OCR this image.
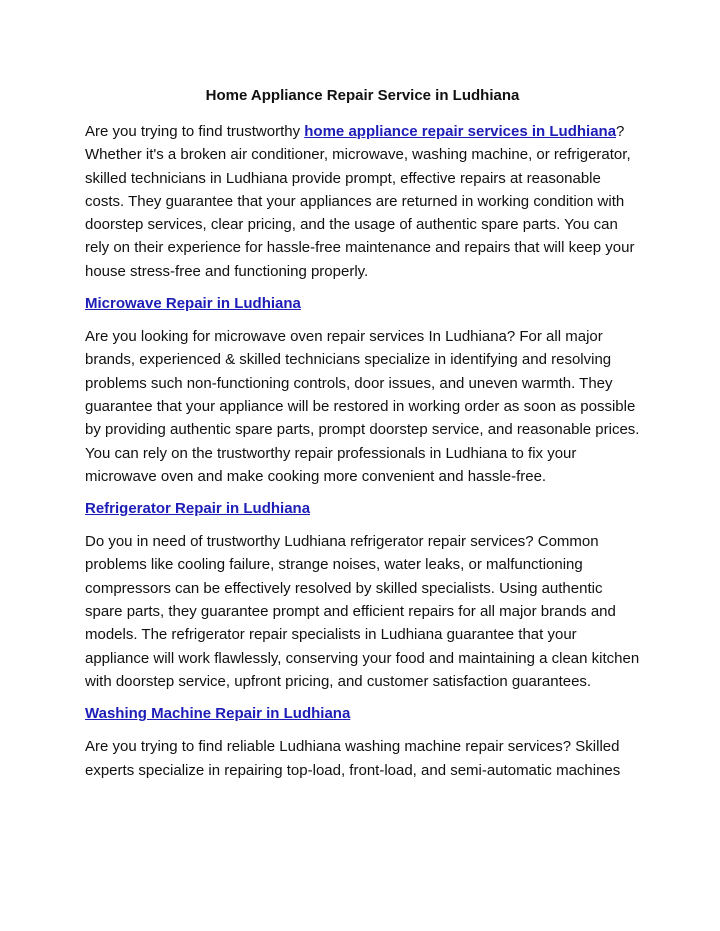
Home Appliance Repair Service in Ludhiana

Are you trying to find trustworthy home appliance repair services in Ludhiana? Whether it's a broken air conditioner, microwave, washing machine, or refrigerator, skilled technicians in Ludhiana provide prompt, effective repairs at reasonable costs. They guarantee that your appliances are returned in working condition with doorstep services, clear pricing, and the usage of authentic spare parts. You can rely on their experience for hassle-free maintenance and repairs that will keep your house stress-free and functioning properly.

Microwave Repair in Ludhiana

Are you looking for microwave oven repair services In Ludhiana? For all major brands, experienced & skilled technicians specialize in identifying and resolving problems such non-functioning controls, door issues, and uneven warmth. They guarantee that your appliance will be restored in working order as soon as possible by providing authentic spare parts, prompt doorstep service, and reasonable prices. You can rely on the trustworthy repair professionals in Ludhiana to fix your microwave oven and make cooking more convenient and hassle-free.

Refrigerator Repair in Ludhiana

Do you in need of trustworthy Ludhiana refrigerator repair services? Common problems like cooling failure, strange noises, water leaks, or malfunctioning compressors can be effectively resolved by skilled specialists. Using authentic spare parts, they guarantee prompt and efficient repairs for all major brands and models. The refrigerator repair specialists in Ludhiana guarantee that your appliance will work flawlessly, conserving your food and maintaining a clean kitchen with doorstep service, upfront pricing, and customer satisfaction guarantees.

Washing Machine Repair in Ludhiana

Are you trying to find reliable Ludhiana washing machine repair services? Skilled experts specialize in repairing top-load, front-load, and semi-automatic machines
